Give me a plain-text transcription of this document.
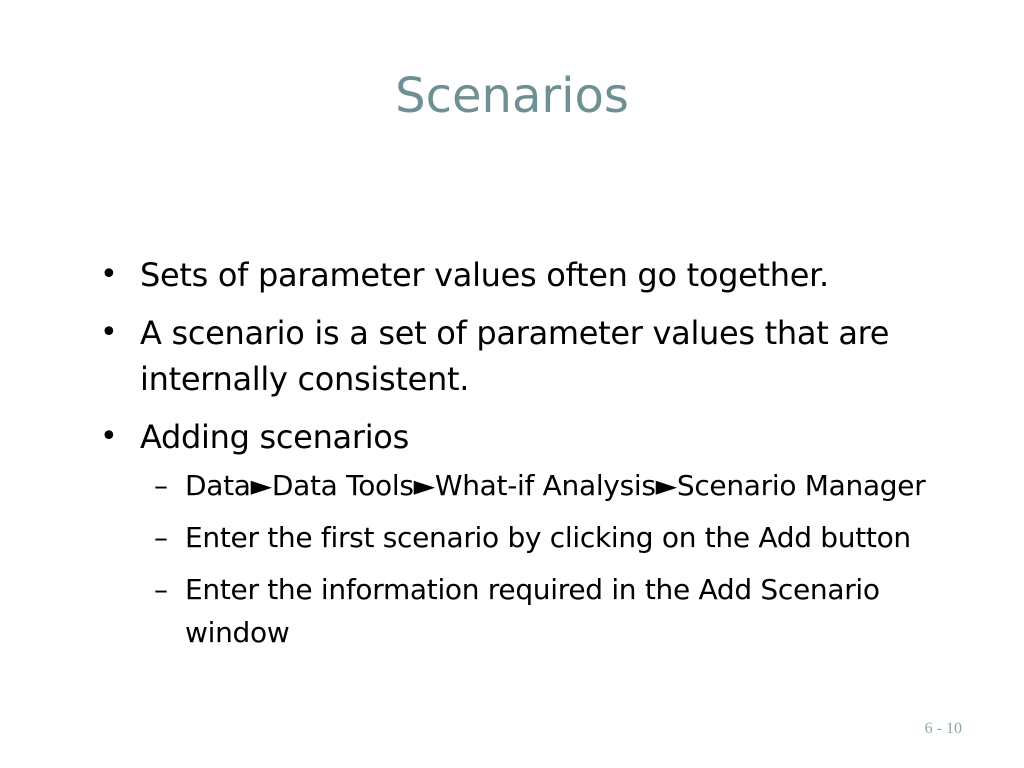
Scenarios
• Sets of parameter values often go together.
• A scenario is a set of parameter values that are internally consistent.
• Adding scenarios
– Data►Data Tools►What-if Analysis►Scenario Manager
– Enter the first scenario by clicking on the Add button
– Enter the information required in the Add Scenario window
6 - 10
